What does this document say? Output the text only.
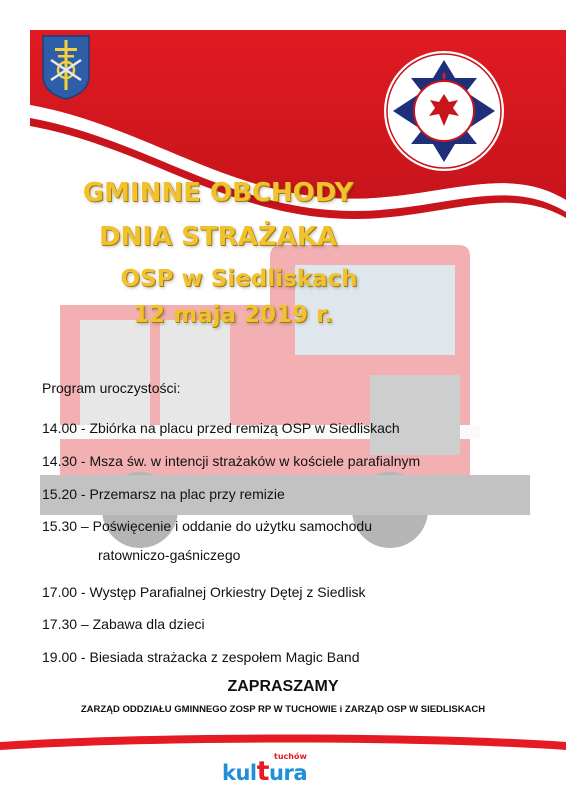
GMINNE OBCHODY
DNIA STRAŻAKA
OSP w Siedliskach
12 maja 2019 r.
Program uroczystości:
14.00 - Zbiórka na placu przed remizą OSP w Siedliskach
14.30 - Msza św. w intencji strażaków w kościele parafialnym
15.20 - Przemarsz na plac przy remizie
15.30 – Poświęcenie i oddanie do użytku samochodu
ratowniczo-gaśniczego
17.00 - Występ Parafialnej Orkiestry Dętej z Siedlisk
17.30 – Zabawa dla dzieci
19.00 - Biesiada strażacka z zespołem Magic Band
ZAPRASZAMY
ZARZĄD ODDZIAŁU GMINNEGO ZOSP RP W TUCHOWIE i ZARZĄD OSP W SIEDLISKACH
tuchów
kultura
